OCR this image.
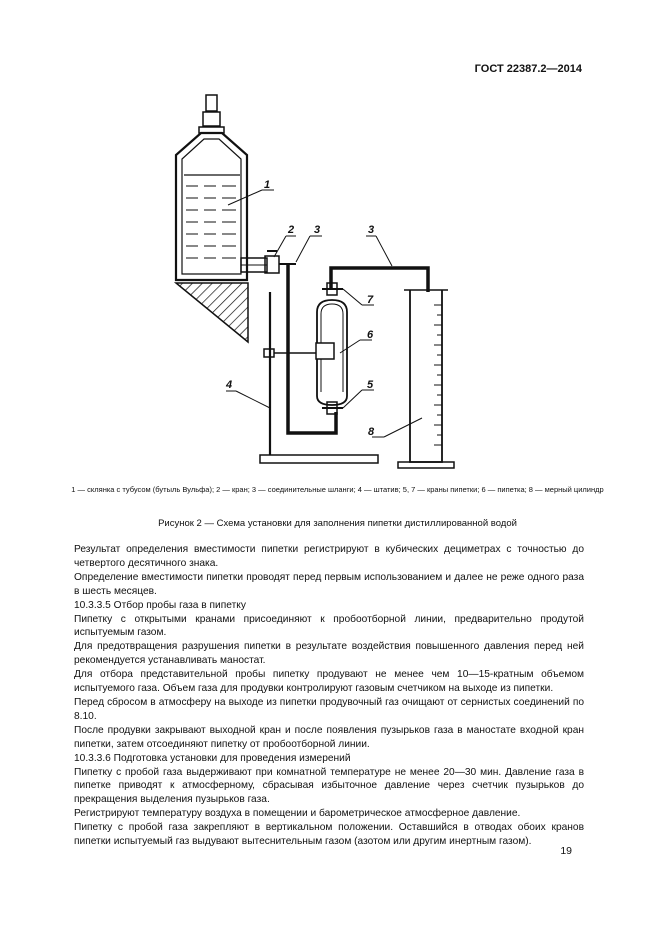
ГОСТ 22387.2—2014
1
2 3	3
4	5
6
7
8
1 — склянка с тубусом (бутыль Вульфа); 2 — кран; 3 — соединительные шланги; 4 — штатив; 5, 7 — краны пипетки; 6 — пипетка; 8 — мерный цилиндр
Рисунок 2 — Схема установки для заполнения пипетки дистиллированной водой

Результат определения вместимости пипетки регистрируют в кубических дециметрах с точностью до четвертого десятичного знака.

Определение вместимости пипетки проводят перед первым использованием и далее не реже одного раза в шесть месяцев.

10.3.3.5 Отбор пробы газа в пипетку

Пипетку с открытыми кранами присоединяют к пробоотборной линии, предварительно продутой испытуемым газом.

Для предотвращения разрушения пипетки в результате воздействия повышенного давления перед ней рекомендуется устанавливать маностат.

Для отбора представительной пробы пипетку продувают не менее чем 10—15-кратным объемом испытуемого газа. Объем газа для продувки контролируют газовым счетчиком на выходе из пипетки.

Перед сбросом в атмосферу на выходе из пипетки продувочный газ очищают от сернистых соединений по 8.10.

После продувки закрывают выходной кран и после появления пузырьков газа в маностате входной кран пипетки, затем отсоединяют пипетку от пробоотборной линии.

10.3.3.6 Подготовка установки для проведения измерений

Пипетку с пробой газа выдерживают при комнатной температуре не менее 20—30 мин. Давление газа в пипетке приводят к атмосферному, сбрасывая избыточное давление через счетчик пузырьков до прекращения выделения пузырьков газа.

Регистрируют температуру воздуха в помещении и барометрическое атмосферное давление.

Пипетку с пробой газа закрепляют в вертикальном положении. Оставшийся в отводах обоих кранов пипетки испытуемый газ выдувают вытеснительным газом (азотом или другим инертным газом).

19
